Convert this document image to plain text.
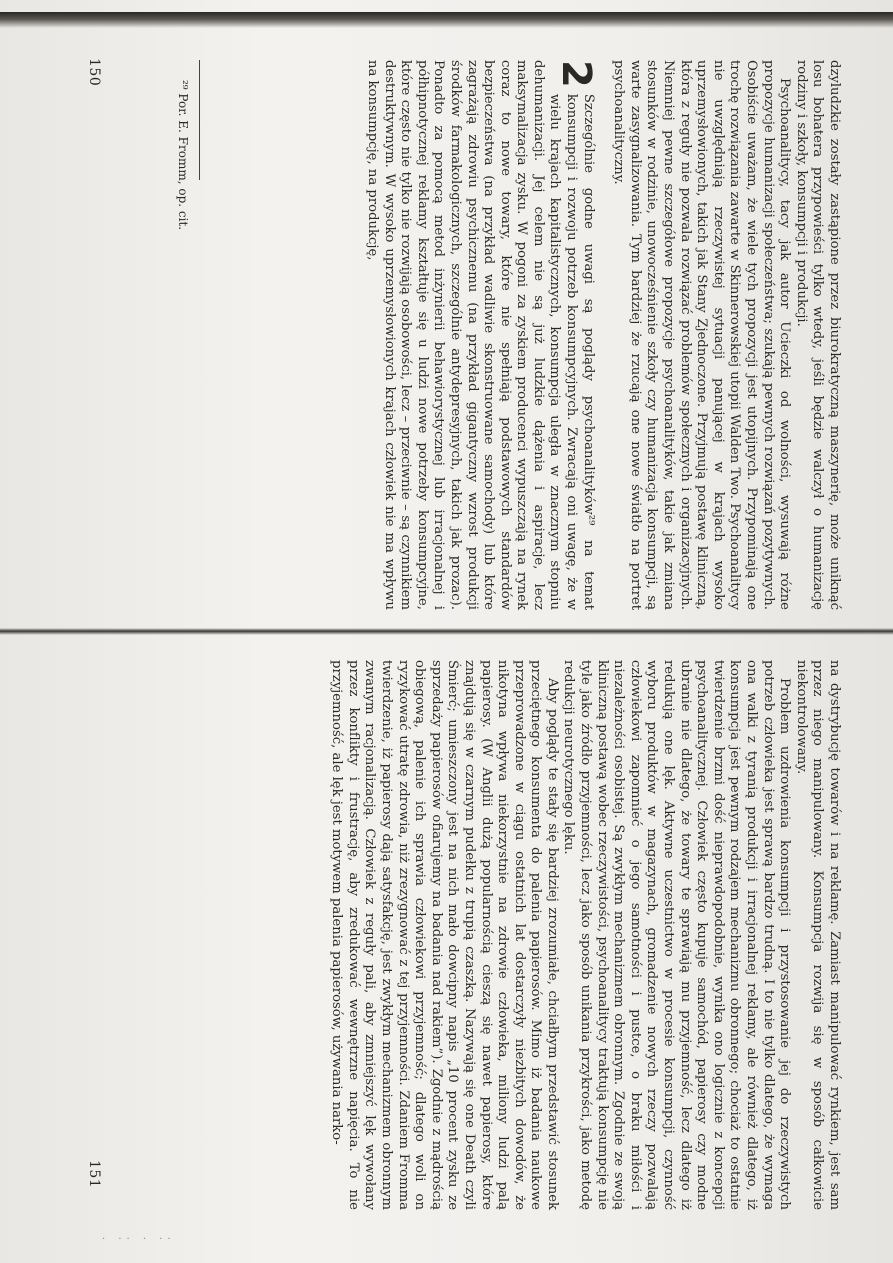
dzyludzkie zostały zastąpione przez biurokratyczną maszynerię, może uniknąć losu bohatera przypowieści tylko wtedy, jeśli będzie walczył o humanizację rodziny i szkoły, konsumpcji i produkcji.

Psychoanalitycy, tacy jak autor Ucieczki od wolności, wysuwają różne propozycje humanizacji społeczeństwa; szukają pewnych rozwiązań pozytywnych. Osobiście uważam, że wiele tych propozycji jest utopijnych. Przypominają one trochę rozwiązania zawarte w Skinnerowskiej utopii Walden Two. Psychoanalitycy nie uwzględniają rzeczywistej sytuacji panującej w krajach wysoko uprzemysłowionych, takich jak Stany Zjednoczone. Przyjmują postawę kliniczną, która z reguły nie pozwala rozwiązać problemów społecznych i organizacyjnych. Niemniej pewne szczegółowe propozycje psychoanalityków, takie jak zmiana stosunków w rodzinie, unowocześnienie szkoły czy humanizacja konsumpcji, są warte zasygnalizowania. Tym bardziej że rzucają one nowe światło na portret psychoanalityczny.

2
Szczególnie godne uwagi są poglądy psychoanalityków²⁹ na temat konsumpcji i rozwoju potrzeb konsumpcyjnych. Zwracają oni uwagę, że w wielu krajach kapitalistycznych, konsumpcja uległa w znacznym stopniu dehumanizacji. Jej celem nie są już ludzkie dążenia i aspiracje, lecz maksymalizacja zysku. W pogoni za zyskiem producenci wypuszczają na rynek coraz to nowe towary, które nie spełniają podstawowych standardów bezpieczeństwa (na przykład wadliwie skonstruowane samochody) lub które zagrażają zdrowiu psychicznemu (na przykład gigantyczny wzrost produkcji środków farmakologicznych, szczególnie antydepresyjnych, takich jak prozac). Ponadto za pomocą metod inżynierii behawiorystycznej lub irracjonalnej i półhipnotycznej reklamy kształtuje się u ludzi nowe potrzeby konsumpcyjne, które często nie tylko nie rozwijają osobowości, lecz – przeciwnie – są czynnikiem destruktywnym. W wysoko uprzemysłowionych krajach człowiek nie ma wpływu na konsumpcję, na produkcję,

²⁹ Por. E. Fromm, op. cit.
150

na dystrybucję towarów i na reklamę. Zamiast manipulować rynkiem, jest sam przez niego manipulowany. Konsumpcja rozwija się w sposób całkowicie niekontrolowany.

Problem uzdrowienia konsumpcji i przystosowanie jej do rzeczywistych potrzeb człowieka jest sprawą bardzo trudną. I to nie tylko dlatego, że wymaga ona walki z tyranią produkcji i irracjonalnej reklamy, ale również dlatego, iż konsumpcja jest pewnym rodzajem mechanizmu obronnego; chociaż to ostatnie twierdzenie brzmi dość nieprawdopodobnie, wynika ono logicznie z koncepcji psychoanalitycznej. Człowiek często kupuje samochód, papierosy czy modne ubranie nie dlatego, że towary te sprawiają mu przyjemność, lecz dlatego iż redukują one lęk. Aktywne uczestnictwo w procesie konsumpcji, czynność wyboru produktów w magazynach, gromadzenie nowych rzeczy pozwalają człowiekowi zapomnieć o jego samotności i pustce, o braku miłości i niezależności osobistej. Są zwykłym mechanizmem obronnym. Zgodnie ze swoją kliniczną postawą wobec rzeczywistości, psychoanalitycy traktują konsumpcję nie tyle jako źródło przyjemności, lecz jako sposób unikania przykrości, jako metodę redukcji neurotycznego lęku.

Aby poglądy te stały się bardziej zrozumiałe, chciałbym przedstawić stosunek przeciętnego konsumenta do palenia papierosów. Mimo iż badania naukowe przeprowadzone w ciągu ostatnich lat dostarczyły niezbitych dowodów, że nikotyna wpływa niekorzystnie na zdrowie człowieka, miliony ludzi palą papierosy. (W Anglii dużą popularnością cieszą się nawet papierosy, które znajdują się w czarnym pudełku z trupią czaszką. Nazywają się one Death czyli Śmierć; umieszczony jest na nich mało dowcipny napis „10 procent zysku ze sprzedaży papierosów ofiarujemy na badania nad rakiem”). Zgodnie z mądrością obiegową, palenie ich sprawia człowiekowi przyjemność; dlatego woli on ryzykować utratę zdrowia, niż zrezygnować z tej przyjemności. Zdaniem Fromma twierdzenie, iż papierosy dają satysfakcję, jest zwykłym mechanizmem obronnym zwanym racjonalizacją. Człowiek z reguły pali, aby zmniejszyć lęk wywołany przez konflikty i frustrację, aby zredukować wewnętrzne napięcia. To nie przyjemność, ale lęk jest motywem palenia papierosów, używania narko-

151
· ·· · ··
